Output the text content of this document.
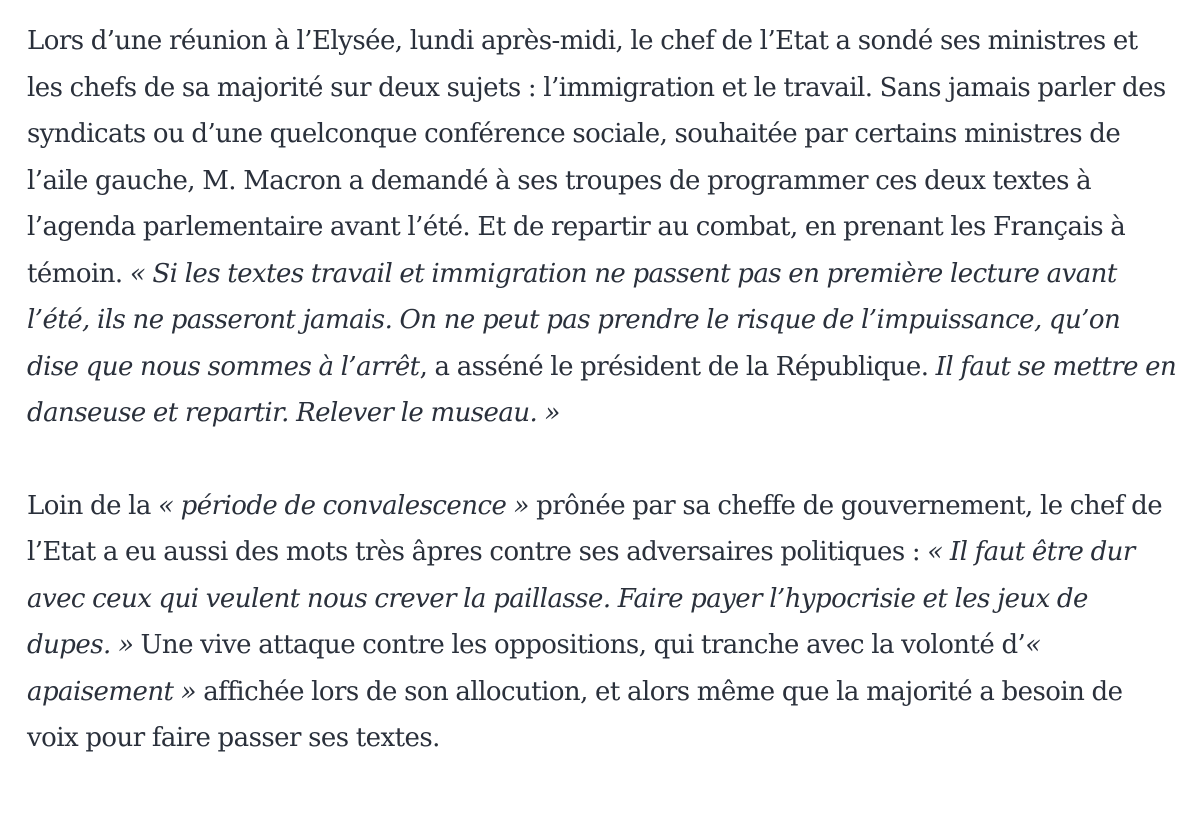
Lors d’une réunion à l’Elysée, lundi après-midi, le chef de l’Etat a sondé ses ministres et les chefs de sa majorité sur deux sujets : l’immigration et le travail. Sans jamais parler des syndicats ou d’une quelconque conférence sociale, souhaitée par certains ministres de l’aile gauche, M. Macron a demandé à ses troupes de programmer ces deux textes à l’agenda parlementaire avant l’été. Et de repartir au combat, en prenant les Français à témoin. « Si les textes travail et immigration ne passent pas en première lecture avant l’été, ils ne passeront jamais. On ne peut pas prendre le risque de l’impuissance, qu’on dise que nous sommes à l’arrêt, a asséné le président de la République. Il faut se mettre en danseuse et repartir. Relever le museau. »

Loin de la « période de convalescence » prônée par sa cheffe de gouvernement, le chef de l’Etat a eu aussi des mots très âpres contre ses adversaires politiques : « Il faut être dur avec ceux qui veulent nous crever la paillasse. Faire payer l’hypocrisie et les jeux de dupes. » Une vive attaque contre les oppositions, qui tranche avec la volonté d’« apaisement » affichée lors de son allocution, et alors même que la majorité a besoin de voix pour faire passer ses textes.
